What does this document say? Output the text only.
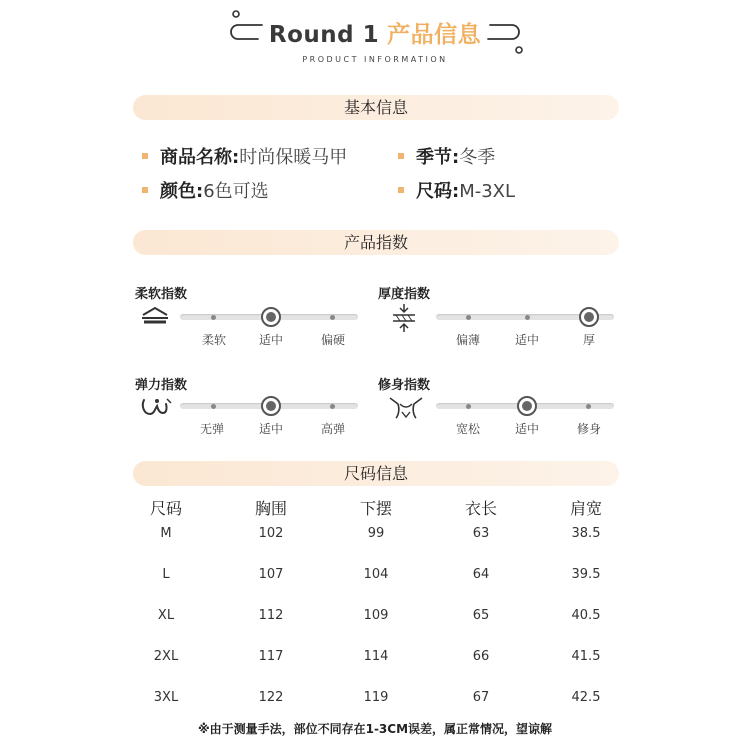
Round 1 产品信息
PRODUCT INFORMATION
基本信息
商品名称:时尚保暖马甲	季节:冬季
颜色:6色可选	尺码:M-3XL
产品指数
柔软指数
柔软	适中	偏硬
厚度指数
偏薄	适中	厚
弹力指数
无弹	适中	高弹
修身指数
宽松	适中	修身
尺码信息
尺码	胸围	下摆	衣长	肩宽
M	102	99	63	38.5
L	107	104	64	39.5
XL	112	109	65	40.5
2XL	117	114	66	41.5
3XL	122	119	67	42.5
※由于测量手法，部位不同存在1-3CM误差，属正常情况，望谅解
